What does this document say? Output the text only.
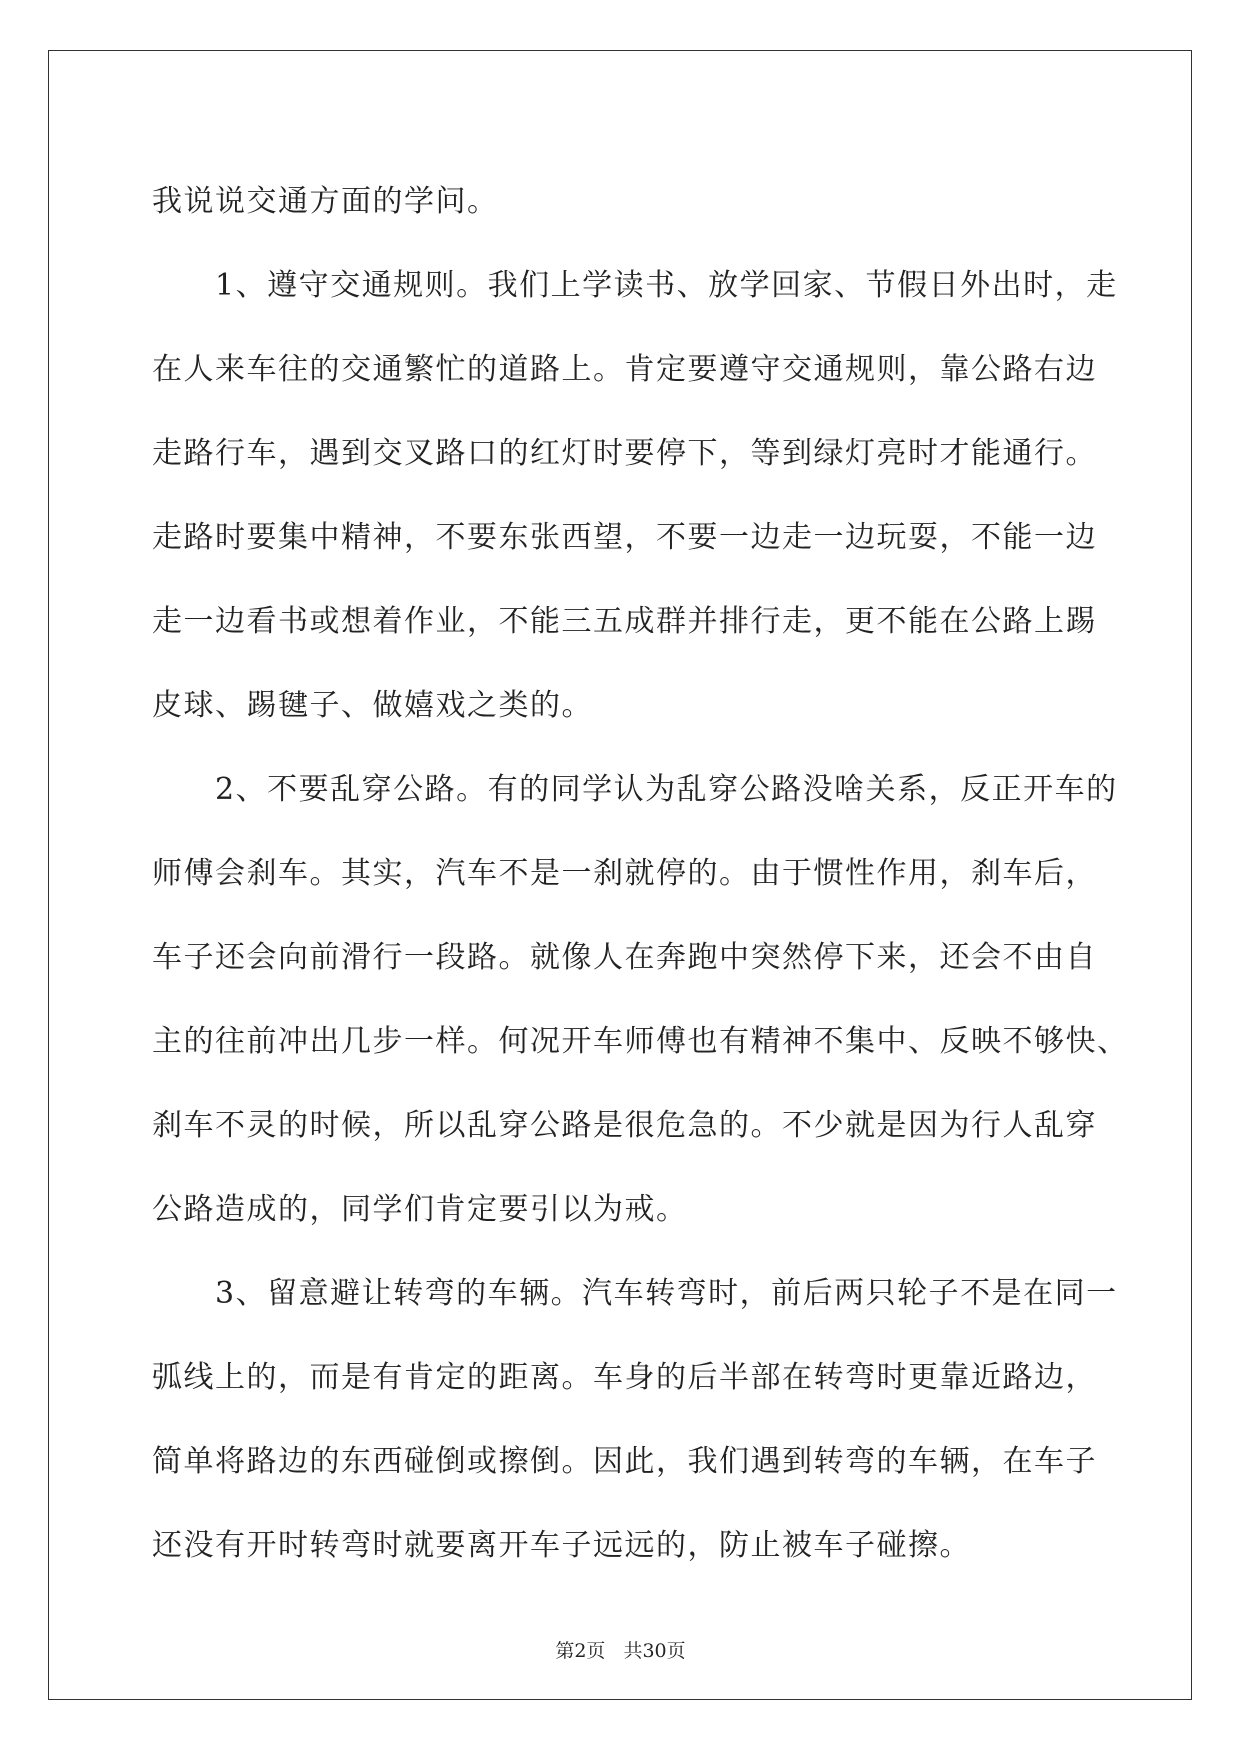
我说说交通方面的学问。
　　1、遵守交通规则。我们上学读书、放学回家、节假日外出时，走
在人来车往的交通繁忙的道路上。肯定要遵守交通规则，靠公路右边
走路行车，遇到交叉路口的红灯时要停下，等到绿灯亮时才能通行。
走路时要集中精神，不要东张西望，不要一边走一边玩耍，不能一边
走一边看书或想着作业，不能三五成群并排行走，更不能在公路上踢
皮球、踢毽子、做嬉戏之类的。
　　2、不要乱穿公路。有的同学认为乱穿公路没啥关系，反正开车的
师傅会刹车。其实，汽车不是一刹就停的。由于惯性作用，刹车后，
车子还会向前滑行一段路。就像人在奔跑中突然停下来，还会不由自
主的往前冲出几步一样。何况开车师傅也有精神不集中、反映不够快、
刹车不灵的时候，所以乱穿公路是很危急的。不少就是因为行人乱穿
公路造成的，同学们肯定要引以为戒。
　　3、留意避让转弯的车辆。汽车转弯时，前后两只轮子不是在同一
弧线上的，而是有肯定的距离。车身的后半部在转弯时更靠近路边，
简单将路边的东西碰倒或擦倒。因此，我们遇到转弯的车辆，在车子
还没有开时转弯时就要离开车子远远的，防止被车子碰擦。
第2页 共30页
